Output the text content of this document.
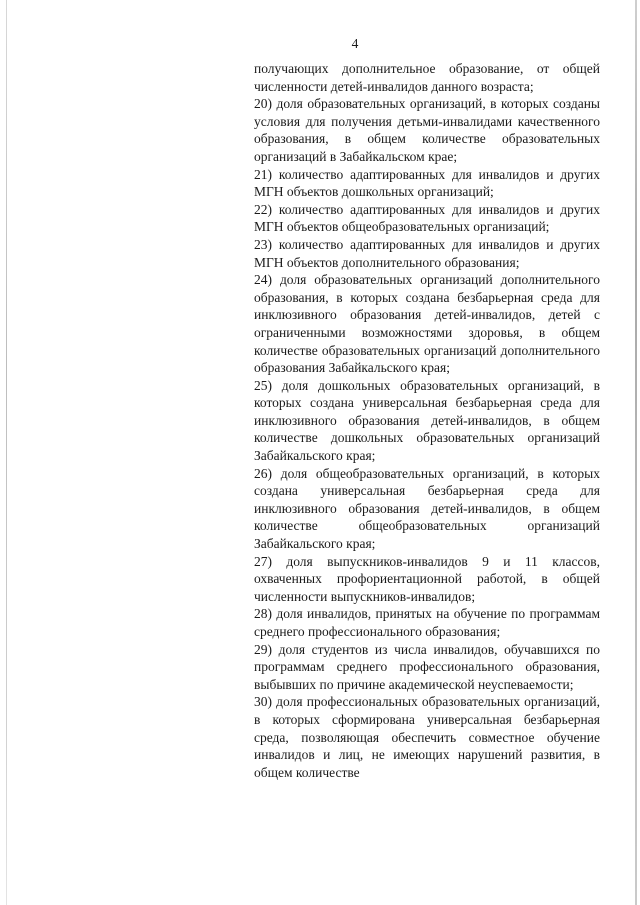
4

получающих дополнительное образование, от общей численности детей-инвалидов данного возраста;

20) доля образовательных организаций, в которых созданы условия для получения детьми-инвалидами качественного образования, в общем количестве образовательных организаций в Забайкальском крае;

21) количество адаптированных для инвалидов и других МГН объектов дошкольных организаций;

22) количество адаптированных для инвалидов и других МГН объектов общеобразовательных организаций;

23) количество адаптированных для инвалидов и других МГН объектов дополнительного образования;

24) доля образовательных организаций дополнительного образования, в которых создана безбарьерная среда для инклюзивного образования детей-инвалидов, детей с ограниченными возможностями здоровья, в общем количестве образовательных организаций дополнительного образования Забайкальского края;

25) доля дошкольных образовательных организаций, в которых создана универсальная безбарьерная среда для инклюзивного образования детей-инвалидов, в общем количестве дошкольных образовательных организаций Забайкальского края;

26) доля общеобразовательных организаций, в которых создана универсальная безбарьерная среда для инклюзивного образования детей-инвалидов, в общем количестве общеобразовательных организаций Забайкальского края;

27) доля выпускников-инвалидов 9 и 11 классов, охваченных профориентационной работой, в общей численности выпускников-инвалидов;

28) доля инвалидов, принятых на обучение по программам среднего профессионального образования;

29) доля студентов из числа инвалидов, обучавшихся по программам среднего профессионального образования, выбывших по причине академической неуспеваемости;

30) доля профессиональных образовательных организаций, в которых сформирована универсальная безбарьерная среда, позволяющая обеспечить совместное обучение инвалидов и лиц, не имеющих нарушений развития, в общем количестве
